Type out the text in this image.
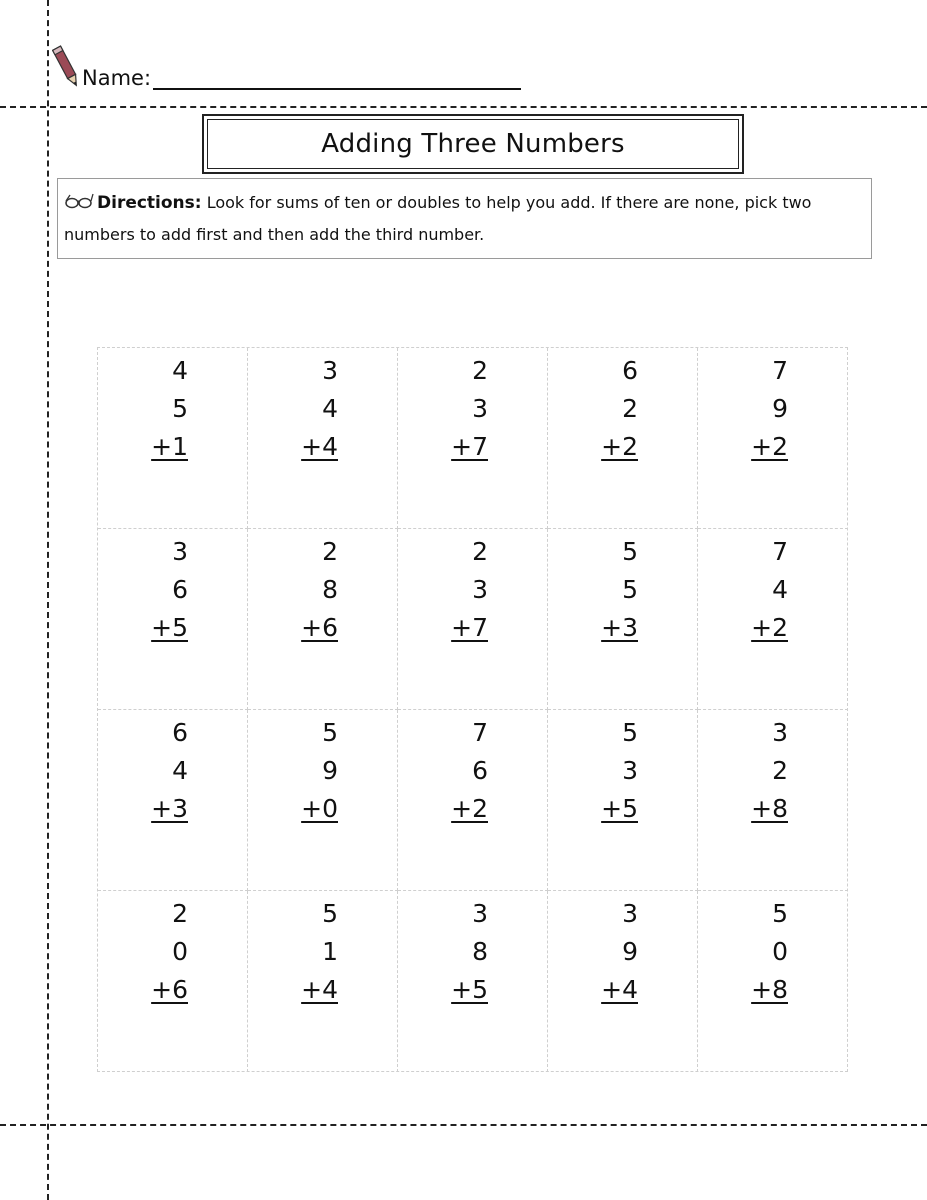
Name:
Adding Three Numbers
Directions: Look for sums of ten or doubles to help you add. If there are none, pick two numbers to add first and then add the third number.
4
5
+1
3
4
+4
2
3
+7
6
2
+2
7
9
+2
3
6
+5
2
8
+6
2
3
+7
5
5
+3
7
4
+2
6
4
+3
5
9
+0
7
6
+2
5
3
+5
3
2
+8
2
0
+6
5
1
+4
3
8
+5
3
9
+4
5
0
+8
